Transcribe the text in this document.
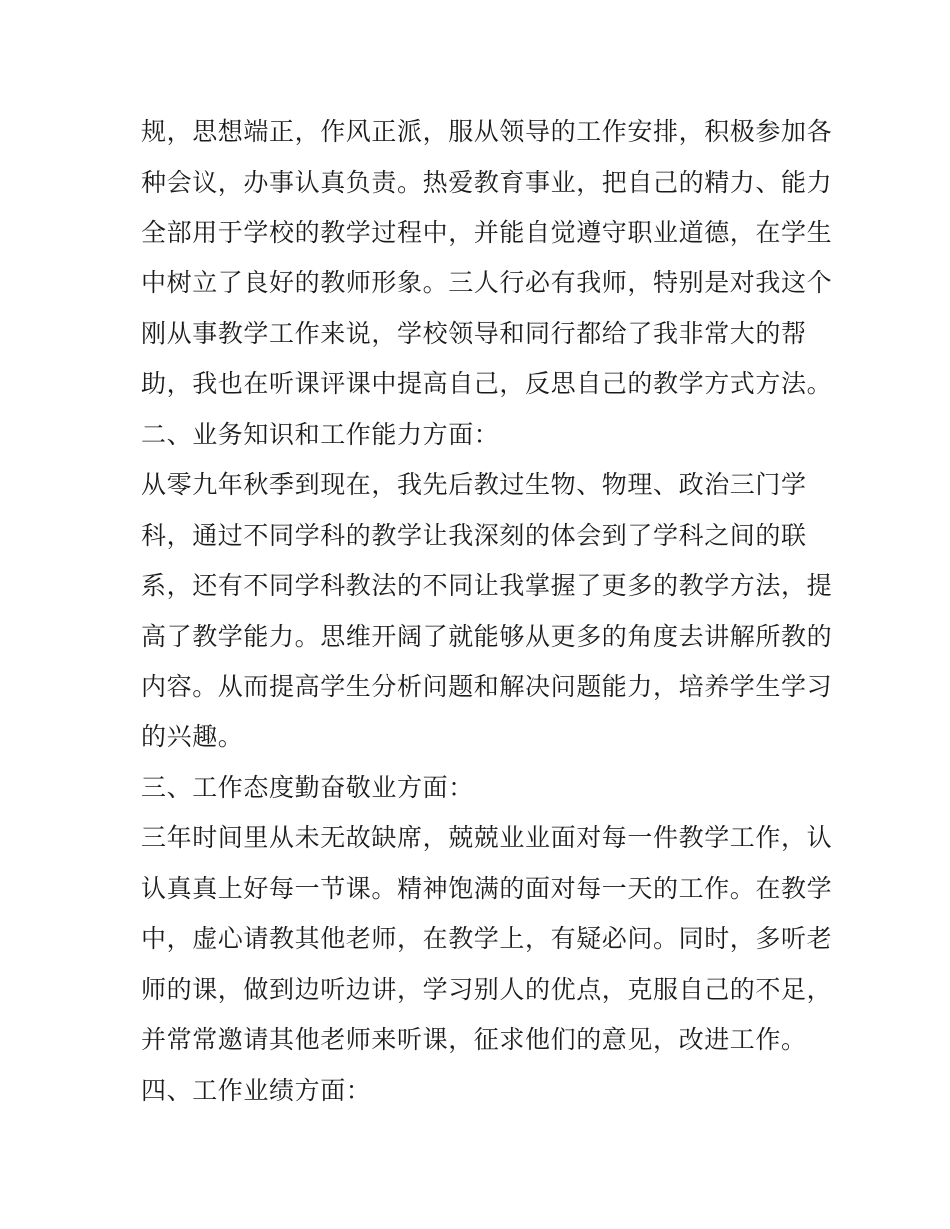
规，思想端正，作风正派，服从领导的工作安排，积极参加各
种会议，办事认真负责。热爱教育事业，把自己的精力、能力
全部用于学校的教学过程中，并能自觉遵守职业道德，在学生
中树立了良好的教师形象。三人行必有我师，特别是对我这个
刚从事教学工作来说，学校领导和同行都给了我非常大的帮
助，我也在听课评课中提高自己，反思自己的教学方式方法。
二、业务知识和工作能力方面：
从零九年秋季到现在，我先后教过生物、物理、政治三门学
科，通过不同学科的教学让我深刻的体会到了学科之间的联
系，还有不同学科教法的不同让我掌握了更多的教学方法，提
高了教学能力。思维开阔了就能够从更多的角度去讲解所教的
内容。从而提高学生分析问题和解决问题能力，培养学生学习
的兴趣。
三、工作态度勤奋敬业方面：
三年时间里从未无故缺席，兢兢业业面对每一件教学工作，认
认真真上好每一节课。精神饱满的面对每一天的工作。在教学
中，虚心请教其他老师，在教学上，有疑必问。同时，多听老
师的课，做到边听边讲，学习别人的优点，克服自己的不足，
并常常邀请其他老师来听课，征求他们的意见，改进工作。
四、工作业绩方面：
